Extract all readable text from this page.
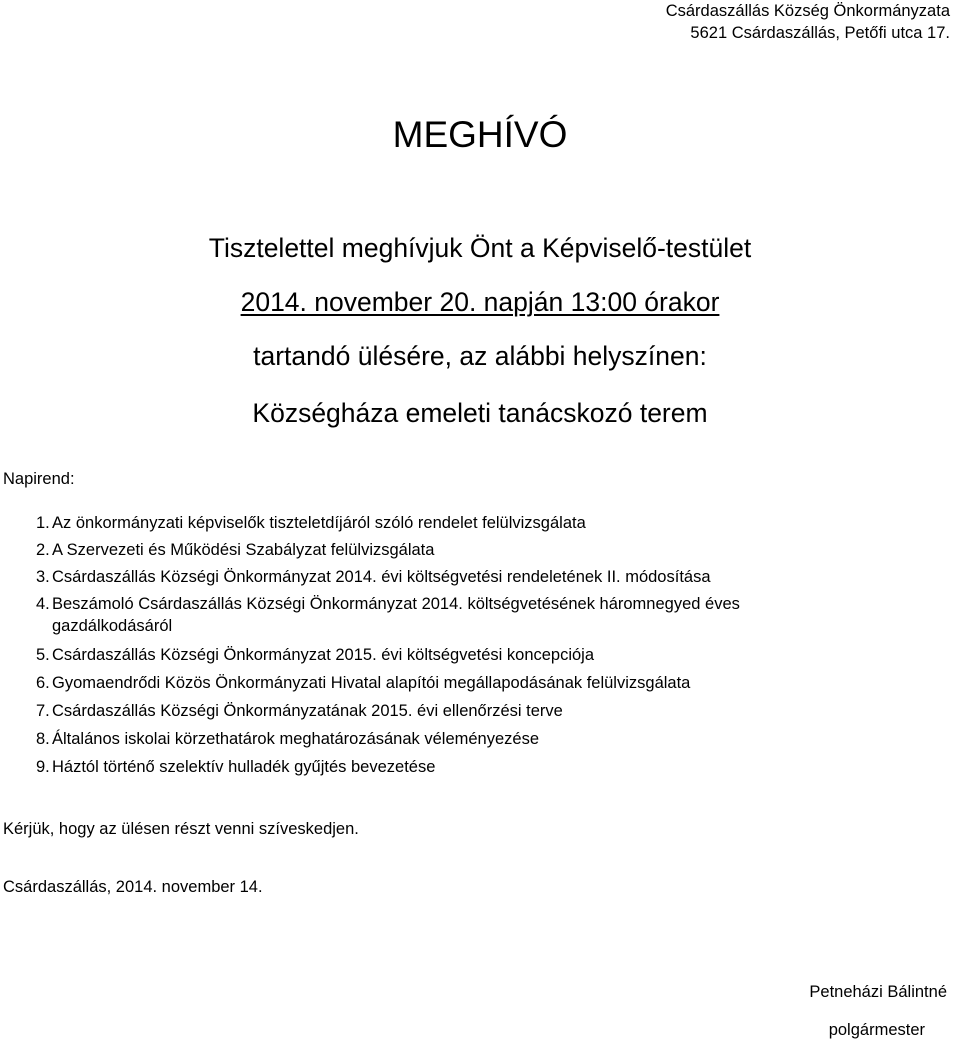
Csárdaszállás Község Önkormányzata
5621 Csárdaszállás, Petőfi utca 17.
MEGHÍVÓ
Tisztelettel meghívjuk Önt a Képviselő-testület
2014. november 20. napján 13:00 órakor
tartandó ülésére, az alábbi helyszínen:
Községháza emeleti tanácskozó terem
Napirend:
1. Az önkormányzati képviselők tiszteletdíjáról szóló rendelet felülvizsgálata
2. A Szervezeti és Működési Szabályzat felülvizsgálata
3. Csárdaszállás Községi Önkormányzat 2014. évi költségvetési rendeletének II. módosítása
4. Beszámoló Csárdaszállás Községi Önkormányzat 2014. költségvetésének háromnegyed éves gazdálkodásáról
5. Csárdaszállás Községi Önkormányzat 2015. évi költségvetési koncepciója
6. Gyomaendrődi Közös Önkormányzati Hivatal alapítói megállapodásának felülvizsgálata
7. Csárdaszállás Községi Önkormányzatának 2015. évi ellenőrzési terve
8. Általános iskolai körzethatárok meghatározásának véleményezése
9. Háztól történő szelektív hulladék gyűjtés bevezetése
Kérjük, hogy az ülésen részt venni szíveskedjen.
Csárdaszállás, 2014. november 14.
Petneházi Bálintné
polgármester
